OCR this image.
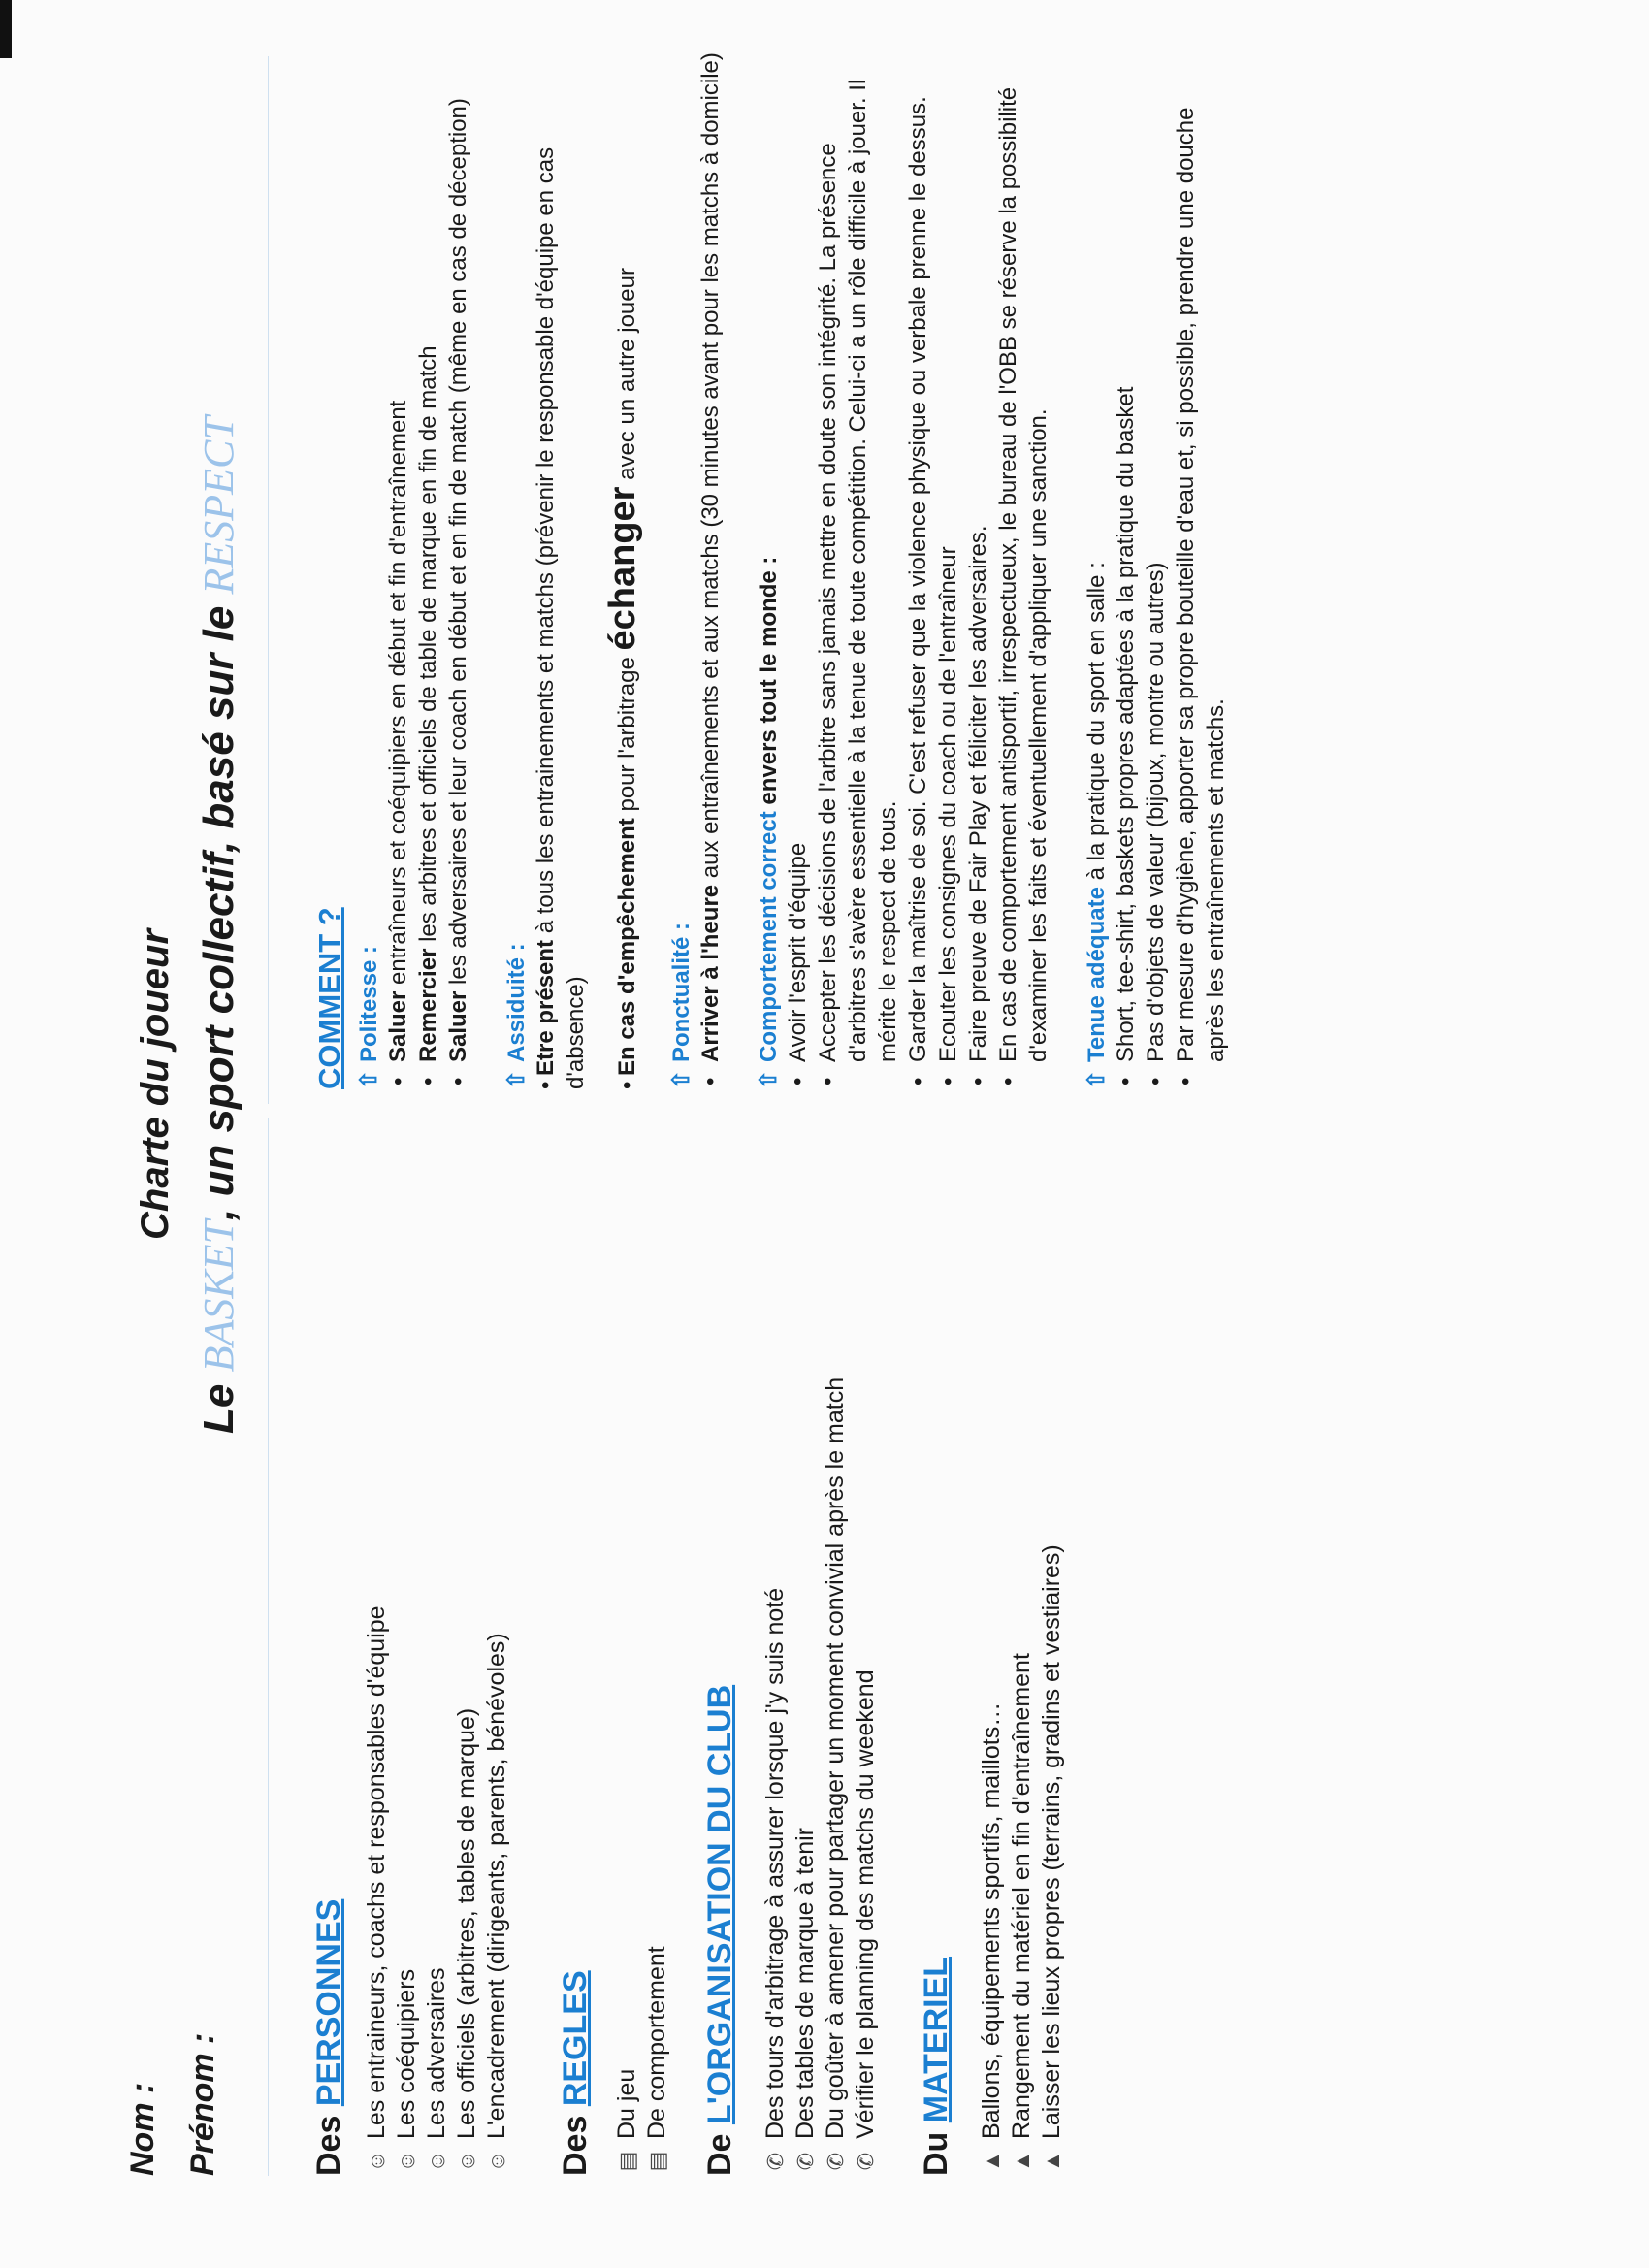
Nom : Prénom :
Charte du joueur
Le BASKET, un sport collectif, basé sur le RESPECT
Des PERSONNES
☺
Les entraineurs, coachs et responsables d'équipe
☺
Les coéquipiers
☺
Les adversaires
☺
Les officiels (arbitres, tables de marque)
☺
L'encadrement (dirigeants, parents, bénévoles)
Des REGLES
▤
Du jeu
▤
De comportement
De L'ORGANISATION DU CLUB
✆
Des tours d'arbitrage à assurer lorsque j'y suis noté
✆
Des tables de marque à tenir
✆
Du goûter à amener pour partager un moment convivial après le match
✆
Vérifier le planning des matchs du weekend
Du MATERIEL
▲
Ballons, équipements sportifs, maillots…
▲
Rangement du matériel en fin d'entraînement
▲
Laisser les lieux propres (terrains, gradins et vestiaires)
COMMENT ? ⇧Politesse : • Saluer entraîneurs et coéquipiers en début et fin d'entraînement
• Remercier les arbitres et officiels de table de marque en fin de match
• Saluer les adversaires et leur coach en début et en fin de match (même en cas de déception)
⇧Assiduité :
•Etre présent à tous les entrainements et matchs (prévenir le responsable d'équipe en cas d'absence) •En cas d'empêchement pour l'arbitrage échanger avec un autre joueur
⇧Ponctualité : • Arriver à l'heure aux entraînements et aux matchs (30 minutes avant pour les matchs à domicile)
⇧Comportement correct envers tout le monde :
• Avoir l'esprit d'équipe • Accepter les décisions de l'arbitre sans jamais mettre en doute son intégrité. La présence d'arbitres s'avère essentielle à la tenue de toute compétition. Celui-ci a un rôle difficile à jouer. Il mérite le respect de tous. • Garder la maîtrise de soi. C'est refuser que la violence physique ou verbale prenne le dessus. • Ecouter les consignes du coach ou de l'entraîneur • Faire preuve de Fair Play et féliciter les adversaires. • En cas de comportement antisportif, irrespectueux, le bureau de l'OBB se réserve la possibilité d'examiner les faits et éventuellement d'appliquer une sanction.
⇧Tenue adéquate à la pratique du sport en salle : • Short, tee-shirt, baskets propres adaptées à la pratique du basket • Pas d'objets de valeur (bijoux, montre ou autres) • Par mesure d'hygiène, apporter sa propre bouteille d'eau et, si possible, prendre une douche après les entraînements et matchs.
